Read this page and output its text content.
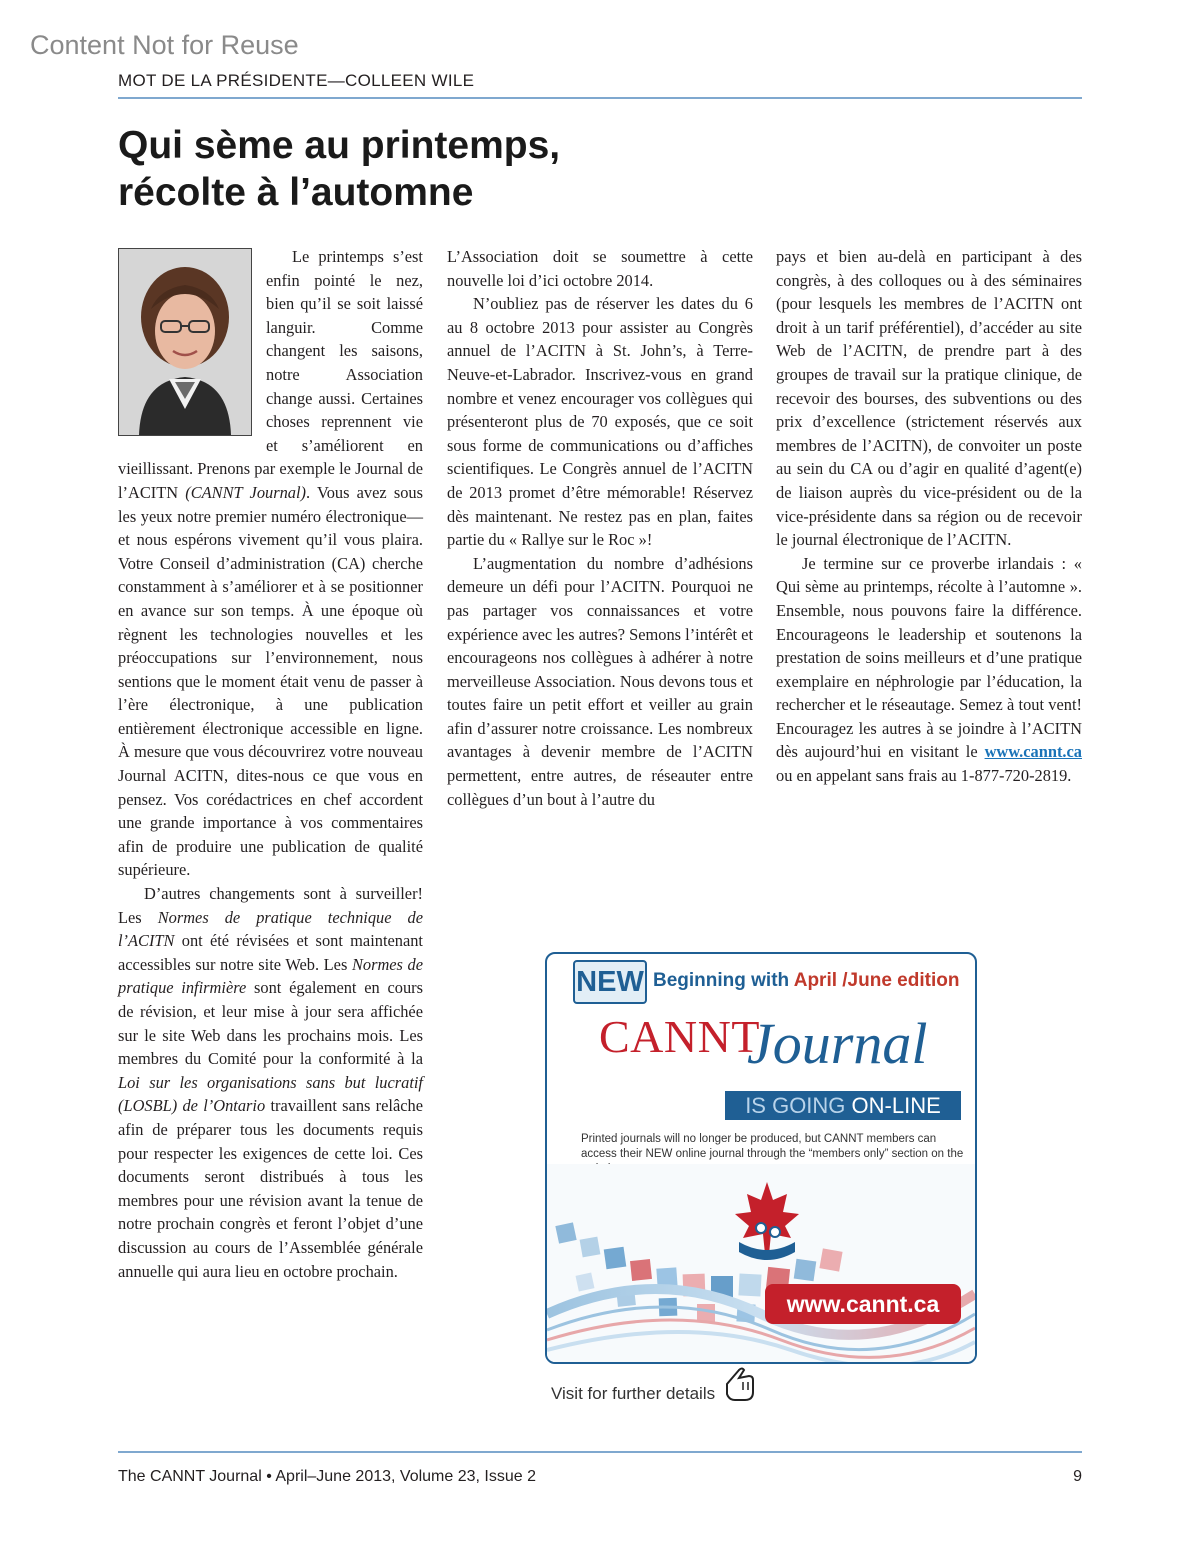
Content Not for Reuse
MOT DE LA PRÉSIDENTE—COLLEEN WILE
Qui sème au printemps,
récolte à l’automne

Le printemps s’est enfin pointé le nez, bien qu’il se soit laissé languir. Comme changent les saisons, notre Association change aussi. Certaines choses reprennent vie et s’améliorent en vieillissant. Prenons par exemple le Journal de l’ACITN (CANNT Journal). Vous avez sous les yeux notre premier numéro électronique—et nous espérons vivement qu’il vous plaira. Votre Conseil d’administration (CA) cherche constamment à s’améliorer et à se positionner en avance sur son temps. À une époque où règnent les technologies nouvelles et les préoccupations sur l’environnement, nous sentions que le moment était venu de passer à l’ère électronique, à une publication entièrement électronique accessible en ligne. À mesure que vous découvrirez votre nouveau Journal ACITN, dites-nous ce que vous en pensez. Vos corédactrices en chef accordent une grande importance à vos commentaires afin de produire une publication de qualité supérieure.

D’autres changements sont à surveiller! Les Normes de pratique technique de l’ACITN ont été révisées et sont maintenant accessibles sur notre site Web. Les Normes de pratique infirmière sont également en cours de révision, et leur mise à jour sera affichée sur le site Web dans les prochains mois. Les membres du Comité pour la conformité à la Loi sur les organisations sans but lucratif (LOSBL) de l’Ontario travaillent sans relâche afin de préparer tous les documents requis pour respecter les exigences de cette loi. Ces documents seront distribués à tous les membres pour une révision avant la tenue de notre prochain congrès et feront l’objet d’une discussion au cours de l’Assemblée générale annuelle qui aura lieu en octobre prochain.

L’Association doit se soumettre à cette nouvelle loi d’ici octobre 2014.

N’oubliez pas de réserver les dates du 6 au 8 octobre 2013 pour assister au Congrès annuel de l’ACITN à St. John’s, à Terre-Neuve-et-Labrador. Inscrivez-vous en grand nombre et venez encourager vos collègues qui présenteront plus de 70 exposés, que ce soit sous forme de communications ou d’affiches scientifiques. Le Congrès annuel de l’ACITN de 2013 promet d’être mémorable! Réservez dès maintenant. Ne restez pas en plan, faites partie du « Rallye sur le Roc »!

L’augmentation du nombre d’adhésions demeure un défi pour l’ACITN. Pourquoi ne pas partager vos connaissances et votre expérience avec les autres? Semons l’intérêt et encourageons nos collègues à adhérer à notre merveilleuse Association. Nous devons tous et toutes faire un petit effort et veiller au grain afin d’assurer notre croissance. Les nombreux avantages à devenir membre de l’ACITN permettent, entre autres, de réseauter entre collègues d’un bout à l’autre du

pays et bien au-delà en participant à des congrès, à des colloques ou à des séminaires (pour lesquels les membres de l’ACITN ont droit à un tarif préférentiel), d’accéder au site Web de l’ACITN, de prendre part à des groupes de travail sur la pratique clinique, de recevoir des bourses, des subventions ou des prix d’excellence (strictement réservés aux membres de l’ACITN), de convoiter un poste au sein du CA ou d’agir en qualité d’agent(e) de liaison auprès du vice-président ou de la vice-présidente dans sa région ou de recevoir le journal électronique de l’ACITN.

Je termine sur ce proverbe irlandais : « Qui sème au printemps, récolte à l’automne ». Ensemble, nous pouvons faire la différence. Encourageons le leadership et soutenons la prestation de soins meilleurs et d’une pratique exemplaire en néphrologie par l’éducation, la rechercher et le réseautage. Semez à tout vent! Encouragez les autres à se joindre à l’ACITN dès aujourd’hui en visitant le www.cannt.ca ou en appelant sans frais au 1-877-720-2819.

NEW Beginning with April /June edition
CANNT
Journal
IS GOING ON-LINE
Printed journals will no longer be produced, but CANNT members can access their NEW online journal through the “members only” section on the
www.cannt.ca
Visit for further details
The CANNT Journal • April–June 2013, Volume 23, Issue 2	9
